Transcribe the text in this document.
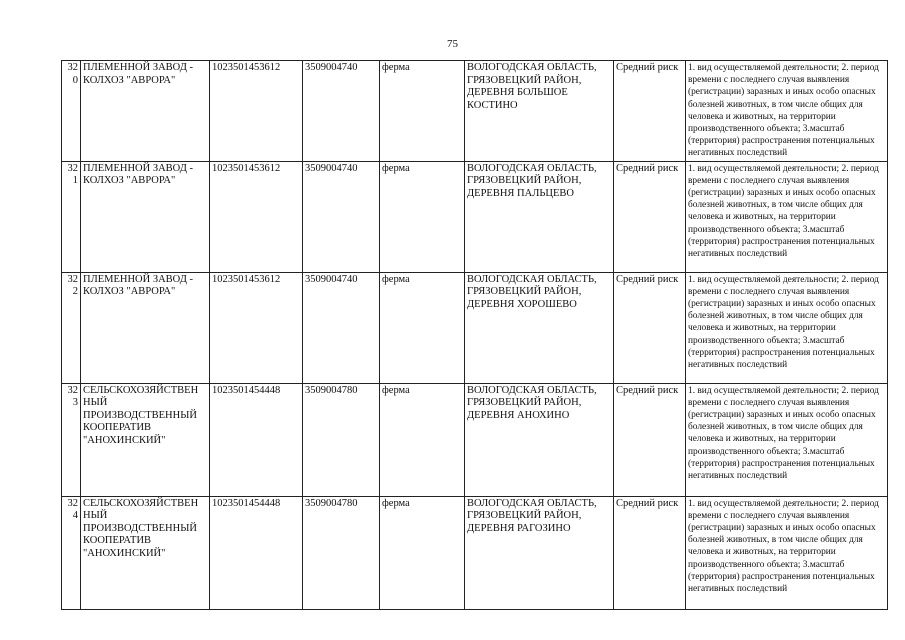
75
320	ПЛЕМЕННОЙ ЗАВОД - КОЛХОЗ "АВРОРА"	1023501453612	3509004740	ферма	ВОЛОГОДСКАЯ ОБЛАСТЬ, ГРЯЗОВЕЦКИЙ РАЙОН, ДЕРЕВНЯ БОЛЬШОЕ КОСТИНО	Средний риск	1. вид осуществляемой деятельности; 2. период времени с последнего случая выявления (регистрации) заразных и иных особо опасных болезней животных, в том числе общих для человека и животных, на территории производственного объекта; 3.масштаб (территория) распространения потенциальных негативных последствий
321	ПЛЕМЕННОЙ ЗАВОД - КОЛХОЗ "АВРОРА"	1023501453612	3509004740	ферма	ВОЛОГОДСКАЯ ОБЛАСТЬ, ГРЯЗОВЕЦКИЙ РАЙОН, ДЕРЕВНЯ ПАЛЬЦЕВО	Средний риск	1. вид осуществляемой деятельности; 2. период времени с последнего случая выявления (регистрации) заразных и иных особо опасных болезней животных, в том числе общих для человека и животных, на территории производственного объекта; 3.масштаб (территория) распространения потенциальных негативных последствий
322	ПЛЕМЕННОЙ ЗАВОД - КОЛХОЗ "АВРОРА"	1023501453612	3509004740	ферма	ВОЛОГОДСКАЯ ОБЛАСТЬ, ГРЯЗОВЕЦКИЙ РАЙОН, ДЕРЕВНЯ ХОРОШЕВО	Средний риск	1. вид осуществляемой деятельности; 2. период времени с последнего случая выявления (регистрации) заразных и иных особо опасных болезней животных, в том числе общих для человека и животных, на территории производственного объекта; 3.масштаб (территория) распространения потенциальных негативных последствий
323	СЕЛЬСКОХОЗЯЙСТВЕН НЫЙ ПРОИЗВОДСТВЕННЫЙ КООПЕРАТИВ "АНОХИНСКИЙ"	1023501454448	3509004780	ферма	ВОЛОГОДСКАЯ ОБЛАСТЬ, ГРЯЗОВЕЦКИЙ РАЙОН, ДЕРЕВНЯ АНОХИНО	Средний риск	1. вид осуществляемой деятельности; 2. период времени с последнего случая выявления (регистрации) заразных и иных особо опасных болезней животных, в том числе общих для человека и животных, на территории производственного объекта; 3.масштаб (территория) распространения потенциальных негативных последствий
324	СЕЛЬСКОХОЗЯЙСТВЕН НЫЙ ПРОИЗВОДСТВЕННЫЙ КООПЕРАТИВ "АНОХИНСКИЙ"	1023501454448	3509004780	ферма	ВОЛОГОДСКАЯ ОБЛАСТЬ, ГРЯЗОВЕЦКИЙ РАЙОН, ДЕРЕВНЯ РАГОЗИНО	Средний риск	1. вид осуществляемой деятельности; 2. период времени с последнего случая выявления (регистрации) заразных и иных особо опасных болезней животных, в том числе общих для человека и животных, на территории производственного объекта; 3.масштаб (территория) распространения потенциальных негативных последствий
